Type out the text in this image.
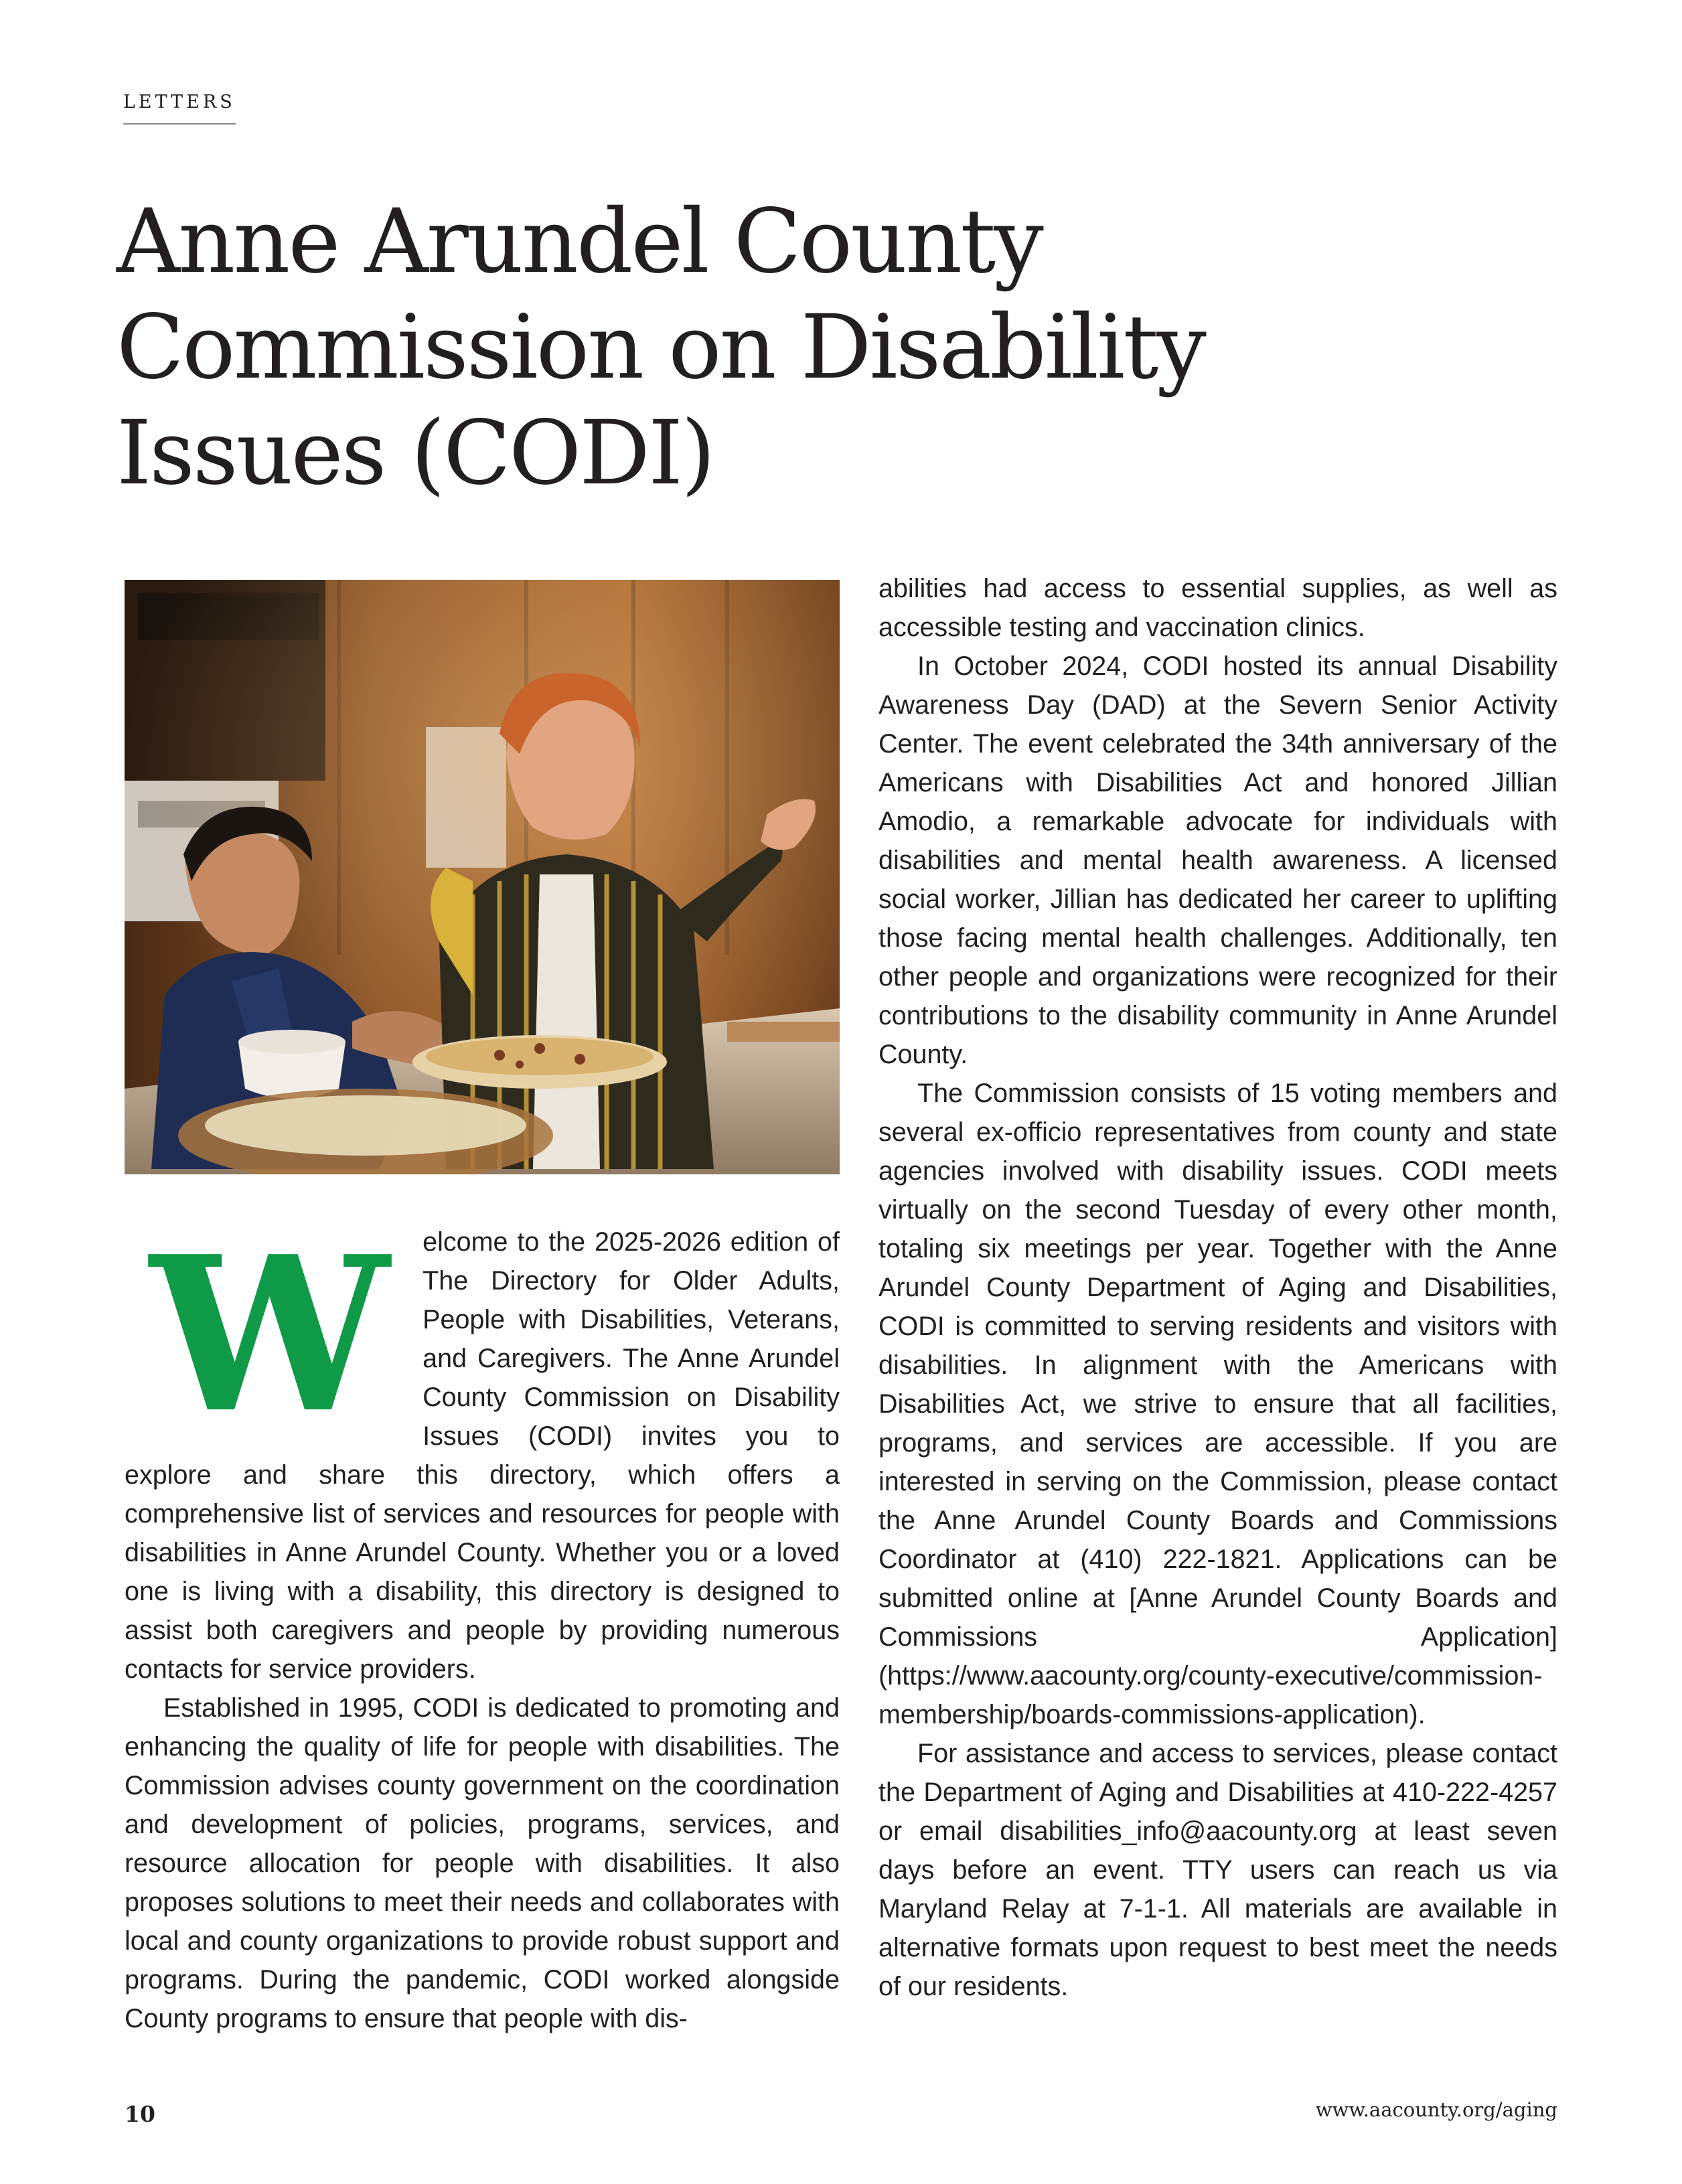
LETTERS
Anne Arundel County
Commission on Disability
Issues (CODI)
W	elcome to the 2025-2026 edition of The Directory for Older Adults, People with Disabilities, Veterans, and Caregivers. The Anne Arundel County Commission on Disability Issues (CODI) invites you to explore and share this directory, which offers a comprehensive list of services and resources for people with disabilities in Anne Arundel County. Whether you or a loved one is living with a disability, this directory is designed to assist both caregivers and people by providing numerous contacts for service providers.

Established in 1995, CODI is dedicated to promoting and enhancing the quality of life for people with disabilities. The Commission advises county government on the coordination and development of policies, programs, services, and resource allocation for people with disabilities. It also proposes solutions to meet their needs and collaborates with local and county organizations to provide robust support and programs. During the pandemic, CODI worked alongside County programs to ensure that people with dis-

abilities had access to essential supplies, as well as accessible testing and vaccination clinics.

In October 2024, CODI hosted its annual Disability Awareness Day (DAD) at the Severn Senior Activity Center. The event celebrated the 34th anniversary of the Americans with Disabilities Act and honored Jillian Amodio, a remarkable advocate for individuals with disabilities and mental health awareness. A licensed social worker, Jillian has dedicated her career to uplifting those facing mental health challenges. Additionally, ten other people and organizations were recognized for their contributions to the disability community in Anne Arundel County.

The Commission consists of 15 voting members and several ex-officio representatives from county and state agencies involved with disability issues. CODI meets virtually on the second Tuesday of every other month, totaling six meetings per year. Together with the Anne Arundel County Department of Aging and Disabilities, CODI is committed to serving residents and visitors with disabilities. In alignment with the Americans with Disabilities Act, we strive to ensure that all facilities, programs, and services are accessible. If you are interested in serving on the Commission, please contact the Anne Arundel County Boards and Commissions Coordinator at (410) 222-1821. Applications can be submitted online at [Anne Arundel County Boards and Commissions Application] (https://www.aacounty.org/county-executive/commission-membership/boards-commissions-application).

For assistance and access to services, please contact the Department of Aging and Disabilities at 410-222-4257 or email disabilities_info@aacounty.org at least seven days before an event. TTY users can reach us via Maryland Relay at 7-1-1. All materials are available in alternative formats upon request to best meet the needs of our residents.

10	www.aacounty.org/aging
